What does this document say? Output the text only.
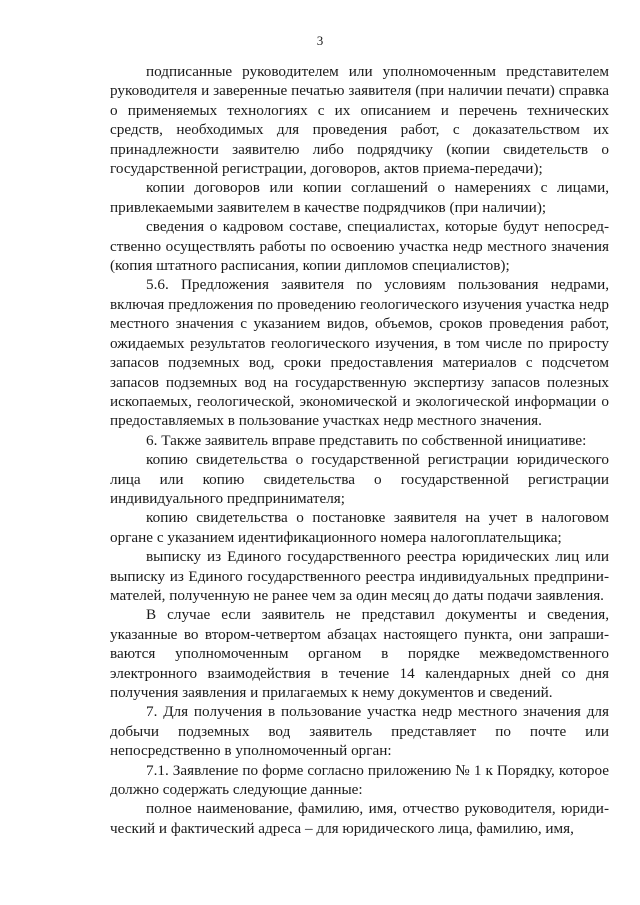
3

подписанные руководителем или уполномоченным представителем руководителя и заверенные печатью заявителя (при наличии печати) справка о применяемых технологиях с их описанием и перечень технических средств, необходимых для проведения работ, с доказательством их принадлежности заявителю либо подрядчику (копии свидетельств о государственной регистрации, договоров, актов приема-передачи);

копии договоров или копии соглашений о намерениях с лицами, привлекаемыми заявителем в качестве подрядчиков (при наличии);

сведения о кадровом составе, специалистах, которые будут непосредственно осуществлять работы по освоению участка недр местного значения (копия штатного расписания, копии дипломов специалистов);

5.6. Предложения заявителя по условиям пользования недрами, включая предложения по проведению геологического изучения участка недр местного значения с указанием видов, объемов, сроков проведения работ, ожидаемых результатов геологического изучения, в том числе по приросту запасов подземных вод, сроки предоставления материалов с подсчетом запасов подземных вод на государственную экспертизу запасов полезных ископаемых, геологической, экономической и экологической информации о предоставляемых в пользование участках недр местного значения.

6. Также заявитель вправе представить по собственной инициативе:

копию свидетельства о государственной регистрации юридического лица или копию свидетельства о государственной регистрации индивидуального предпринимателя;

копию свидетельства о постановке заявителя на учет в налоговом органе с указанием идентификационного номера налогоплательщика;

выписку из Единого государственного реестра юридических лиц или выписку из Единого государственного реестра индивидуальных предпринимателей, полученную не ранее чем за один месяц до даты подачи заявления.

В случае если заявитель не представил документы и сведения, указанные во втором-четвертом абзацах настоящего пункта, они запрашиваются уполномоченным органом в порядке межведомственного электронного взаимодействия в течение 14 календарных дней со дня получения заявления и прилагаемых к нему документов и сведений.

7. Для получения в пользование участка недр местного значения для добычи подземных вод заявитель представляет по почте или непосредственно в уполномоченный орган:

7.1. Заявление по форме согласно приложению № 1 к Порядку, которое должно содержать следующие данные:

полное наименование, фамилию, имя, отчество руководителя, юридический и фактический адреса – для юридического лица, фамилию, имя,
